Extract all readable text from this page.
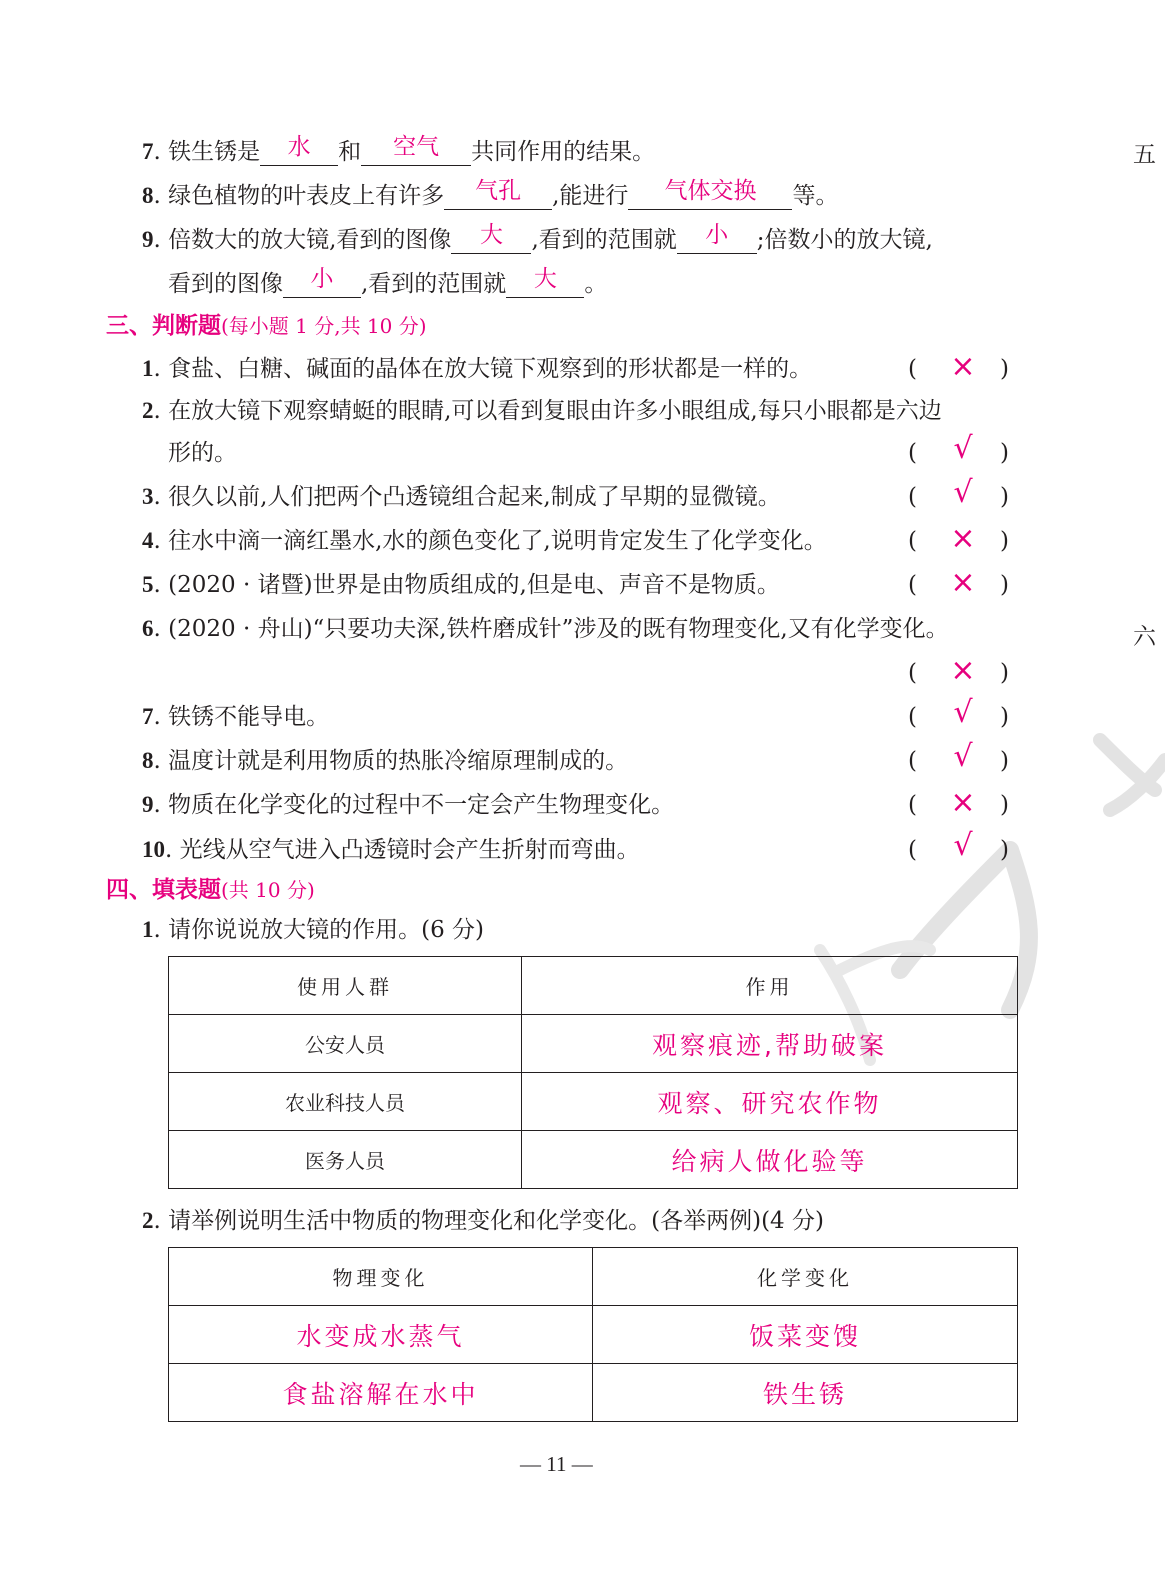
五
六
7. 铁生锈是 水 和 空气 共同作用的结果。
8. 绿色植物的叶表皮上有许多 气孔 ,能进行 气体交换 等。
9. 倍数大的放大镜,看到的图像 大 ,看到的范围就 小 ;倍数小的放大镜,
看到的图像 小 ,看到的范围就 大 。
三、判断题(每小题 1 分,共 10 分)
1. 食盐、白糖、碱面的晶体在放大镜下观察到的形状都是一样的。	( ×	)
2. 在放大镜下观察蜻蜓的眼睛,可以看到复眼由许多小眼组成,每只小眼都是六边
形的。	(	√	)
3. 很久以前,人们把两个凸透镜组合起来,制成了早期的显微镜。	(	√	)
4. 往水中滴一滴红墨水,水的颜色变化了,说明肯定发生了化学变化。	( ×	)
5. (2020 · 诸暨)世界是由物质组成的,但是电、声音不是物质。	( ×	)
6. (2020 · 舟山)“只要功夫深,铁杵磨成针”涉及的既有物理变化,又有化学变化。
( ×	)
7. 铁锈不能导电。	(	√	)
8. 温度计就是利用物质的热胀冷缩原理制成的。	(	√	)
9. 物质在化学变化的过程中不一定会产生物理变化。	( ×	)
10. 光线从空气进入凸透镜时会产生折射而弯曲。	(	√	)
四、填表题(共 10 分)
1. 请你说说放大镜的作用。(6 分)
使用人群	作用
公安人员	观察痕迹,帮助破案
农业科技人员	观察、研究农作物
医务人员	给病人做化验等
2. 请举例说明生活中物质的物理变化和化学变化。(各举两例)(4 分)
物理变化	化学变化
水变成水蒸气	饭菜变馊
食盐溶解在水中	铁生锈
— 11 —
